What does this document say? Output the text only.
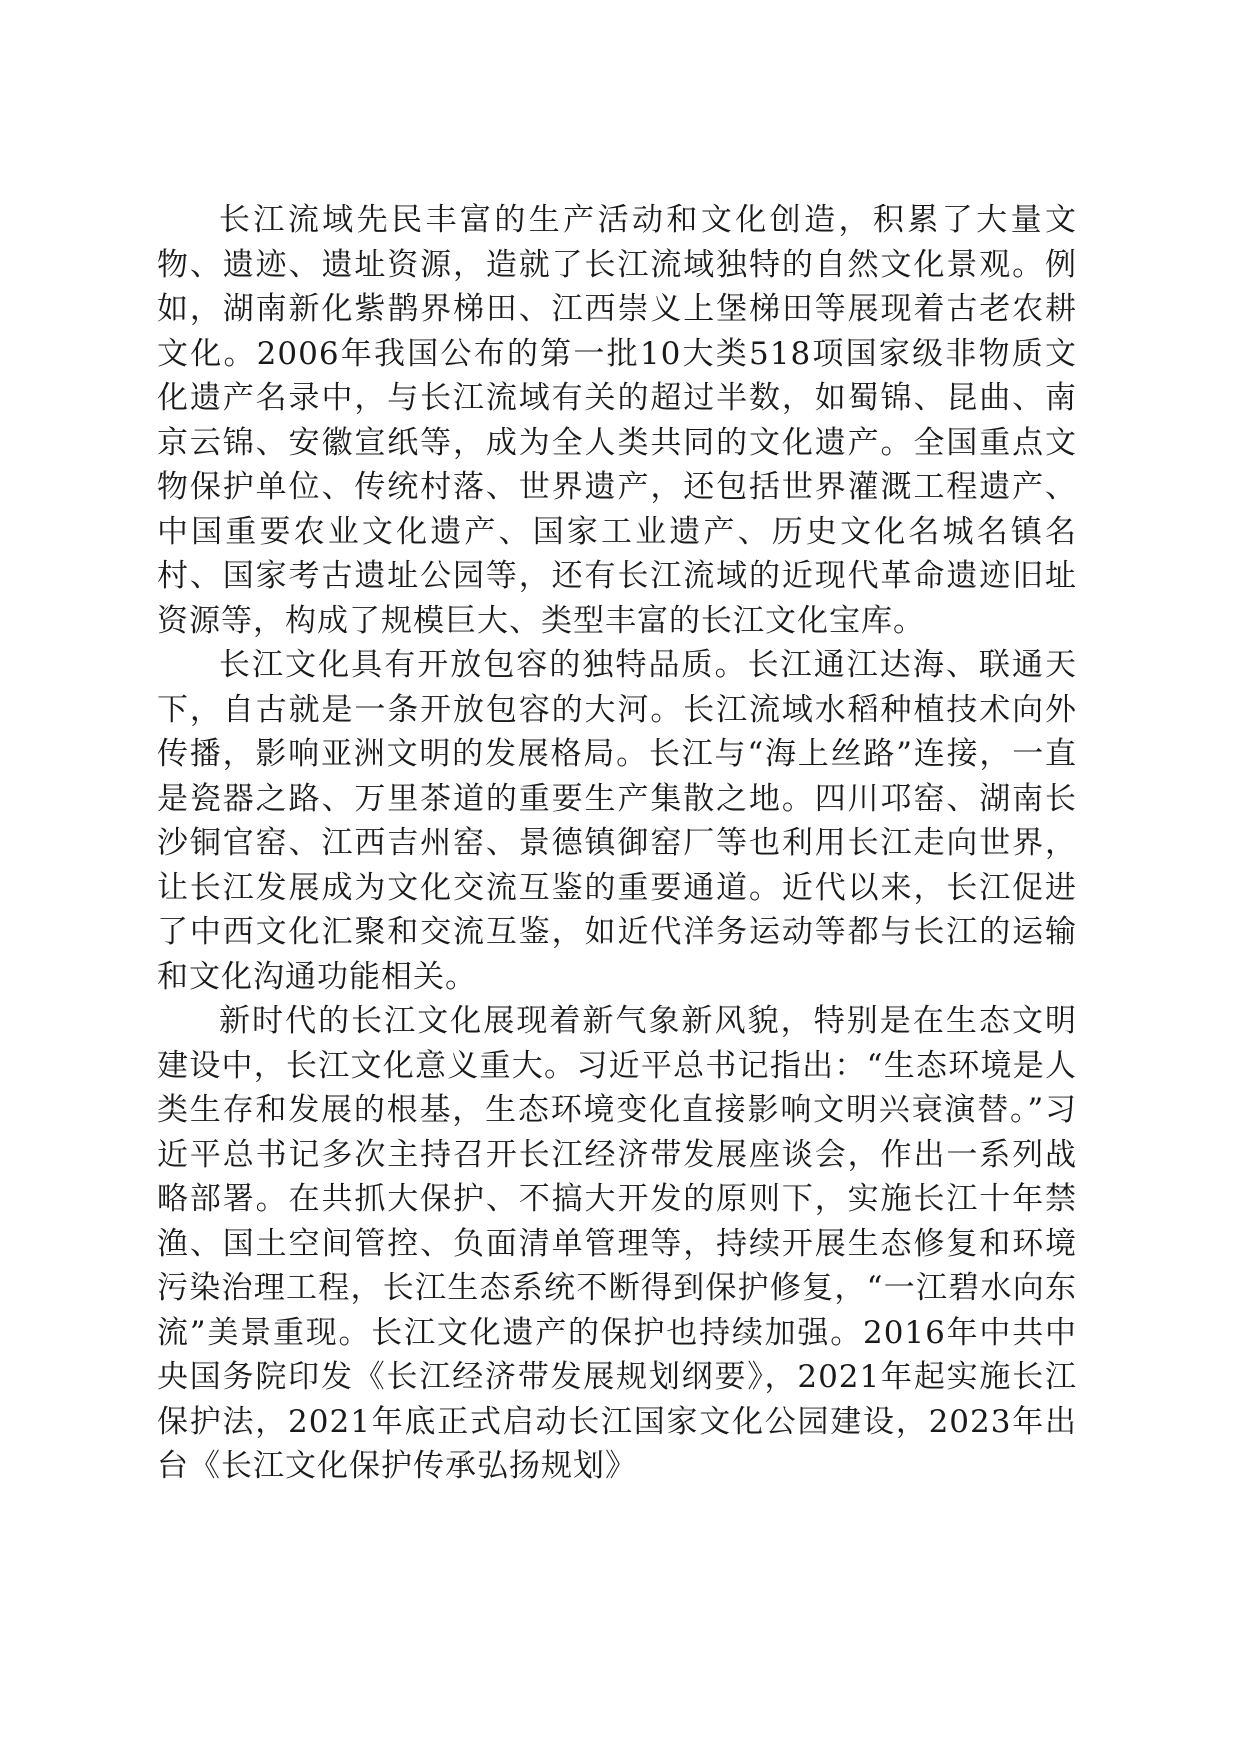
长江流域先民丰富的生产活动和文化创造，积累了大量文物、遗迹、遗址资源，造就了长江流域独特的自然文化景观。例如，湖南新化紫鹊界梯田、江西崇义上堡梯田等展现着古老农耕文化。2006年我国公布的第一批10大类518项国家级非物质文化遗产名录中，与长江流域有关的超过半数，如蜀锦、昆曲、南京云锦、安徽宣纸等，成为全人类共同的文化遗产。全国重点文物保护单位、传统村落、世界遗产，还包括世界灌溉工程遗产、中国重要农业文化遗产、国家工业遗产、历史文化名城名镇名村、国家考古遗址公园等，还有长江流域的近现代革命遗迹旧址资源等，构成了规模巨大、类型丰富的长江文化宝库。

长江文化具有开放包容的独特品质。长江通江达海、联通天下，自古就是一条开放包容的大河。长江流域水稻种植技术向外传播，影响亚洲文明的发展格局。长江与“海上丝路”连接，一直是瓷器之路、万里茶道的重要生产集散之地。四川邛窑、湖南长沙铜官窑、江西吉州窑、景德镇御窑厂等也利用长江走向世界，让长江发展成为文化交流互鉴的重要通道。近代以来，长江促进了中西文化汇聚和交流互鉴，如近代洋务运动等都与长江的运输和文化沟通功能相关。

新时代的长江文化展现着新气象新风貌，特别是在生态文明建设中，长江文化意义重大。习近平总书记指出：“生态环境是人类生存和发展的根基，生态环境变化直接影响文明兴衰演替。”习近平总书记多次主持召开长江经济带发展座谈会，作出一系列战略部署。在共抓大保护、不搞大开发的原则下，实施长江十年禁渔、国土空间管控、负面清单管理等，持续开展生态修复和环境污染治理工程，长江生态系统不断得到保护修复，“一江碧水向东流”美景重现。长江文化遗产的保护也持续加强。2016年中共中央国务院印发《长江经济带发展规划纲要》，2021年起实施长江保护法，2021年底正式启动长江国家文化公园建设，2023年出台《长江文化保护传承弘扬规划》
